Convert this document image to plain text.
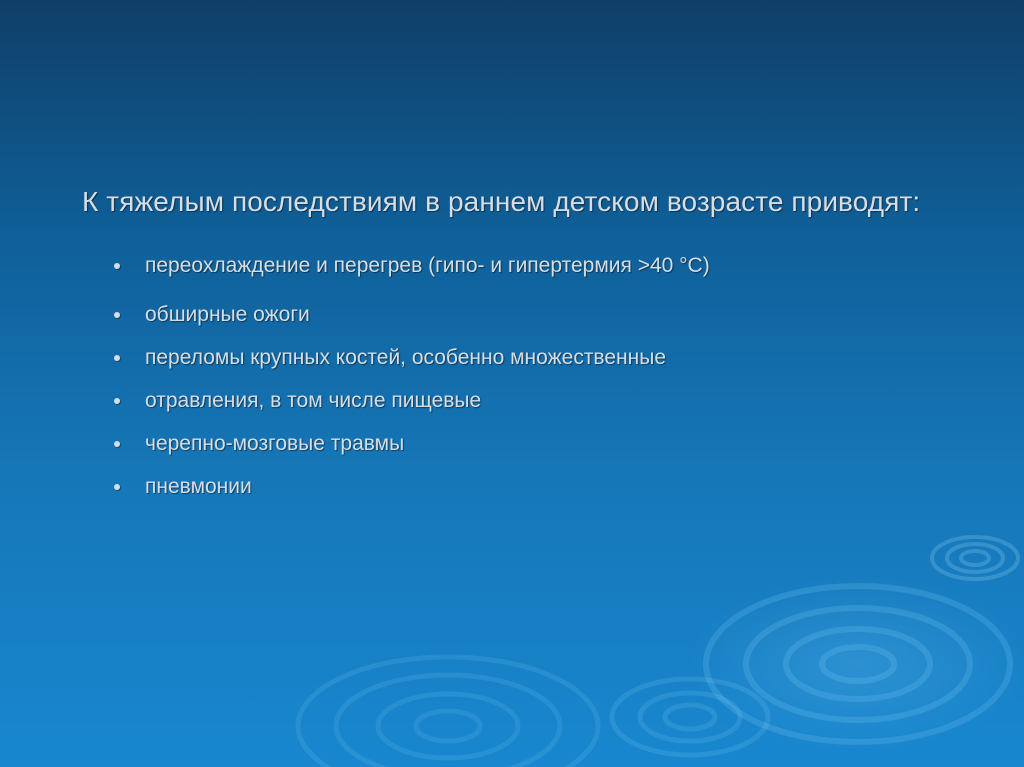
К тяжелым последствиям в раннем детском возрасте приводят:
переохлаждение и перегрев (гипо- и гипертермия >40 °С)
обширные ожоги
переломы крупных костей, особенно множественные
отравления, в том числе пищевые
черепно-мозговые травмы
пневмонии
